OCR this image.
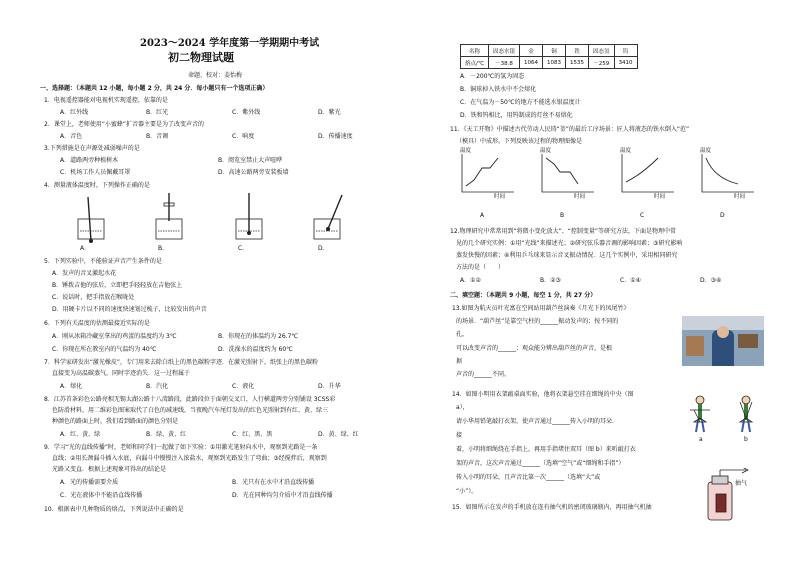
2023～2024 学年度第一学期期中考试
初二物理试题
命题、校对：姜怡梅
一、选择题：（本题共 12 小题，每小题 2 分，共 24 分．每小题只有一个选项正确）
1．电视遥控器能对电视机实现遥控，依靠的是
A．红外线	B．红光	C．紫外线	D．紫光
2．课堂上，老师使用“小蜜蜂”扩音器主要是为了改变声音的
A．音色	B．音调	C．响度	D．传播速度
3.下列措施是在声源处减弱噪声的是
A．道路两旁种植树木	B．阅览室禁止大声喧哗
C．机场工作人员佩戴耳罩	D．高速公路两旁安装板墙
4．测量液体温度时，下列操作正确的是
A．	B．	C．	D．
5．下列实验中，不能验证声音产生条件的是
A．发声的音叉激起水花
B．锤拨吉他的弦后，立即把手轻轻放在吉他弦上
C．说话时，把手指放在喉咙处
D．用硬卡片以不同的速度快速划过梳子，比较发出的声音
6．下列有关温度的估测最接近实际的是
A．刚从冰箱冷藏室拿出的鸡蛋的温度约为 3℃	B．你现在的体温约为 26.7℃
C．你现在所在教室内的气温约为 40℃	D．洗澡水的温度约为 60℃
7．科学家研发出“激光橡皮”，专门用来去除白纸上的黑色碳粉字迹．在激光照射下，纸张上的黑色碳粉
直接变为高温碳蒸气，同时字迹消失．这一过程属于
A．熔化	B．汽化	C．液化	D．升华
8．江苏首条彩色公路亮相无锡太湖公路十八湾路段，此路段位于面朝交叉口，人行横道两旁分别铺设 3CSS彩
色防滑材料，用二维彩色图案取代了白色的减速线，当夜晚汽车尾灯发出的红色光照射到有红、黄、绿三
种颜色的路面上时，我们看到路面的颜色分别是
A．红、黄、绿	B．绿、黄、红	C．红、黑、黑	D．黄、绿、红
9．学习“光的直线传播”时，老师和同学们一起做了如下实验：①用激光笔射向水中，观察到光路是一条
直线；②用长颈漏斗插入水底，向漏斗中慢慢注入浓盐水，观察到光路发生了弯曲；③经搅拌后，观察到
光路又变直．根据上述现象可得出的结论是
A．光的传播需要介质	B．光只有在水中才沿直线传播
C．光在液体中不能沿直线传播	D．光在同种均匀介质中才沿直线传播
10．根据表中几种物质的熔点，下列说法中正确的是
名称	固态水银	金	铜	铁	固态氢	钨
熔点/℃	－38.8	1064	1083	1535	－259	3410
A．－200℃的氢为固态
B．铜球掉入铁水中不会熔化
C．在气温为－50℃的地方不能选水银温度计
D．铁和钨相比，用钨制成的灯丝不易熔化
11．《天工开物》中描述古代劳动人民铸“釜”的最后工序场景：匠人将液态的铁水倒入“范”
（模具）中成形。下列反映该过程的物理图像是
温度
时间
A
温度
时间
B
温度
时间
C
温度
时间
D
12.物理研究中常常用到“将微小变化放大”、“控制变量”等研究方法，下面是物理中常
见的几个研究实例：①用“光线”来描述光；②研究弦乐器音调的影响因素；③研究影响
蒸发快慢的因素；④利用乒乓球来显示音叉振动情况．这几个实例中，采用相同研究
方法的是（　　）
A．①②	B．②③	C．①④	D．③④
二、填空题：（本题共 9 小题，每空 1 分，共 27 分）
13.如图为航天员叶光富在空间站用葫芦丝演奏《月光下的凤尾竹》
的场景．“葫芦丝”是靠空气柱的______振动发声的；按不同的
孔，
可以改变声音的______；观众能分辨出葫芦丝的声音，是根
据
声音的______不同。
14．如图小明用衣架敲桌面实验，他将衣架悬空挂在细绳的中央（图
a），
请小华用铅笔敲打衣架，使声音通过______传入小明的耳朵．
接
着，小明将细绳绕在手指上，再用手指堵住双耳（图 b）来听敲打衣
架的声音，这次声音通过______（选填“空气”或“细绳和手指”）
传入小明的耳朵，且声音比第一次______（选填“大”或
“小”）。
a	b
抽气
15．如图所示在发声的手机放在连有抽气机的密闭玻璃瓶内，再用抽气机抽
